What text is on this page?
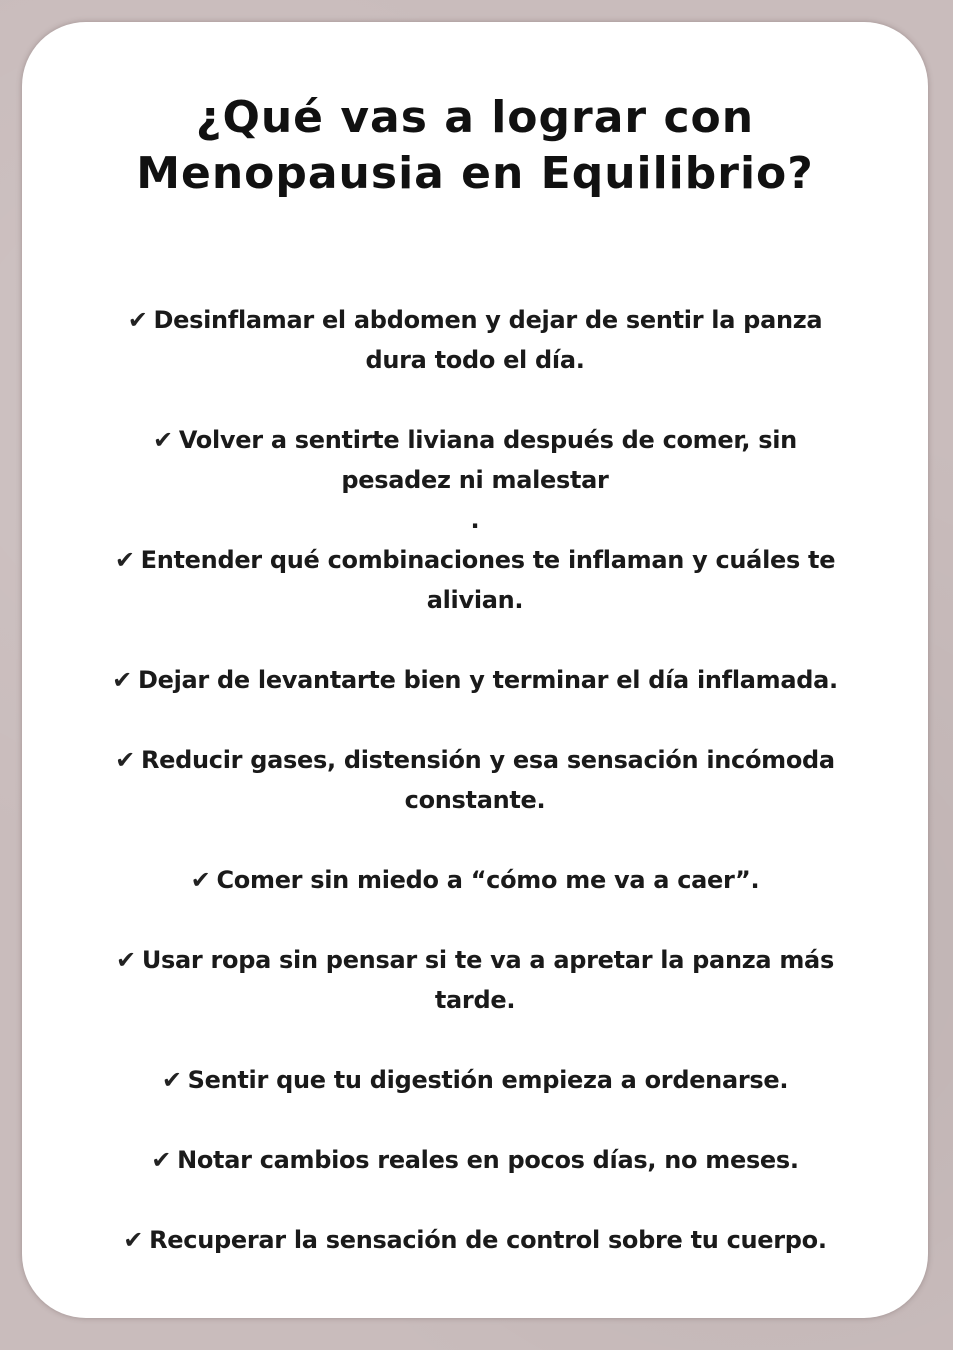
¿Qué vas a lograr con
Menopausia en Equilibrio?
✔ Desinflamar el abdomen y dejar de sentir la panza
dura todo el día.
✔ Volver a sentirte liviana después de comer, sin
pesadez ni malestar
.
✔ Entender qué combinaciones te inflaman y cuáles te
alivian.
✔ Dejar de levantarte bien y terminar el día inflamada.
✔ Reducir gases, distensión y esa sensación incómoda
constante.
✔ Comer sin miedo a “cómo me va a caer”.
✔ Usar ropa sin pensar si te va a apretar la panza más
tarde.
✔ Sentir que tu digestión empieza a ordenarse.
✔ Notar cambios reales en pocos días, no meses.
✔ Recuperar la sensación de control sobre tu cuerpo.
